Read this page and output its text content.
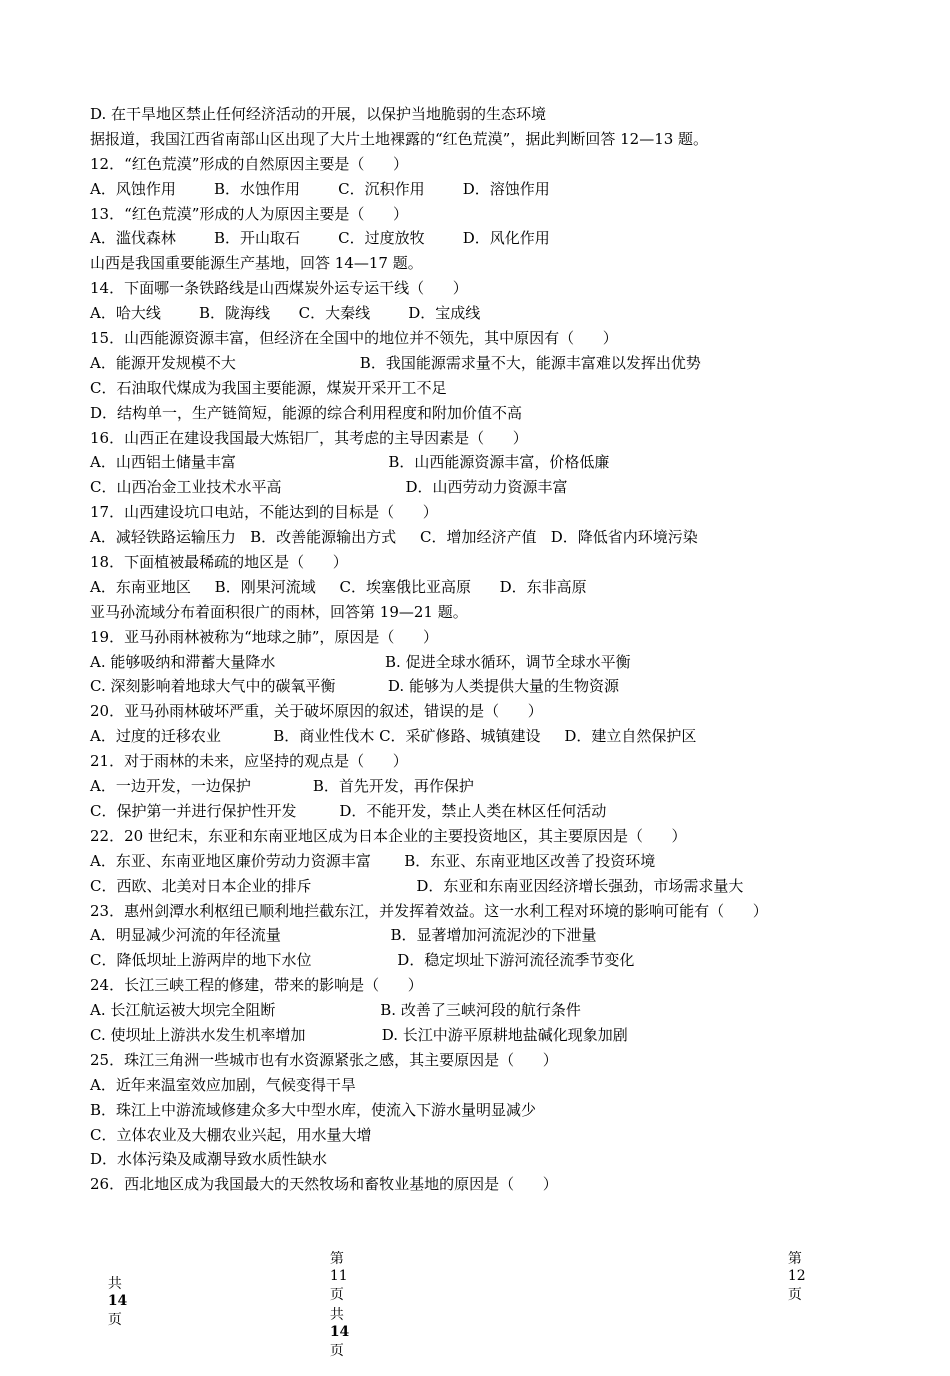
D. 在干旱地区禁止任何经济活动的开展，以保护当地脆弱的生态环境
据报道，我国江西省南部山区出现了大片土地裸露的“红色荒漠”，据此判断回答 12—13 题。
12．“红色荒漠”形成的自然原因主要是（      ）
A．风蚀作用        B．水蚀作用        C．沉积作用        D．溶蚀作用
13．“红色荒漠”形成的人为原因主要是（      ）
A．滥伐森林        B．开山取石        C．过度放牧        D．风化作用
山西是我国重要能源生产基地，回答 14—17 题。
14．下面哪一条铁路线是山西煤炭外运专运干线（      ）
A．哈大线        B．陇海线      C．大秦线        D．宝成线
15．山西能源资源丰富，但经济在全国中的地位并不领先，其中原因有（      ）
A．能源开发规模不大                          B．我国能源需求量不大，能源丰富难以发挥出优势
C．石油取代煤成为我国主要能源，煤炭开采开工不足
D．结构单一，生产链简短，能源的综合利用程度和附加价值不高
16．山西正在建设我国最大炼铝厂，其考虑的主导因素是（      ）
A．山西铝土储量丰富                                B．山西能源资源丰富，价格低廉
C．山西冶金工业技术水平高                          D．山西劳动力资源丰富
17．山西建设坑口电站，不能达到的目标是（      ）
A．减轻铁路运输压力   B．改善能源输出方式     C．增加经济产值   D．降低省内环境污染
18．下面植被最稀疏的地区是（      ）
A．东南亚地区     B．刚果河流域     C．埃塞俄比亚高原      D．东非高原
亚马孙流域分布着面积很广的雨林，回答第 19—21 题。
19．亚马孙雨林被称为“地球之肺”，原因是（      ）
A. 能够吸纳和滞蓄大量降水                       B. 促进全球水循环，调节全球水平衡
C. 深刻影响着地球大气中的碳氧平衡           D. 能够为人类提供大量的生物资源
20．亚马孙雨林破坏严重，关于破坏原因的叙述，错误的是（      ）
A．过度的迁移农业           B．商业性伐木 C．采矿修路、城镇建设     D．建立自然保护区
21．对于雨林的未来，应坚持的观点是（      ）
A．一边开发，一边保护             B．首先开发，再作保护
C．保护第一并进行保护性开发         D．不能开发，禁止人类在林区任何活动
22．20 世纪末，东亚和东南亚地区成为日本企业的主要投资地区，其主要原因是（      ）
A．东亚、东南亚地区廉价劳动力资源丰富       B．东亚、东南亚地区改善了投资环境
C．西欧、北美对日本企业的排斥                      D．东亚和东南亚因经济增长强劲，市场需求量大
23．惠州剑潭水利枢纽已顺利地拦截东江，并发挥着效益。这一水利工程对环境的影响可能有（      ）
A．明显减少河流的年径流量                       B．显著增加河流泥沙的下泄量
C．降低坝址上游两岸的地下水位                  D．稳定坝址下游河流径流季节变化
24．长江三峡工程的修建，带来的影响是（      ）
A. 长江航运被大坝完全阻断                      B. 改善了三峡河段的航行条件
C. 使坝址上游洪水发生机率增加                D. 长江中游平原耕地盐碱化现象加剧
25．珠江三角洲一些城市也有水资源紧张之感，其主要原因是（      ）
A．近年来温室效应加剧，气候变得干旱
B．珠江上中游流域修建众多大中型水库，使流入下游水量明显减少
C．立体农业及大棚农业兴起，用水量大增
D．水体污染及咸潮导致水质性缺水
26．西北地区成为我国最大的天然牧场和畜牧业基地的原因是（      ）

第
11
页
共
14
页

第
12
页

共
14
页
